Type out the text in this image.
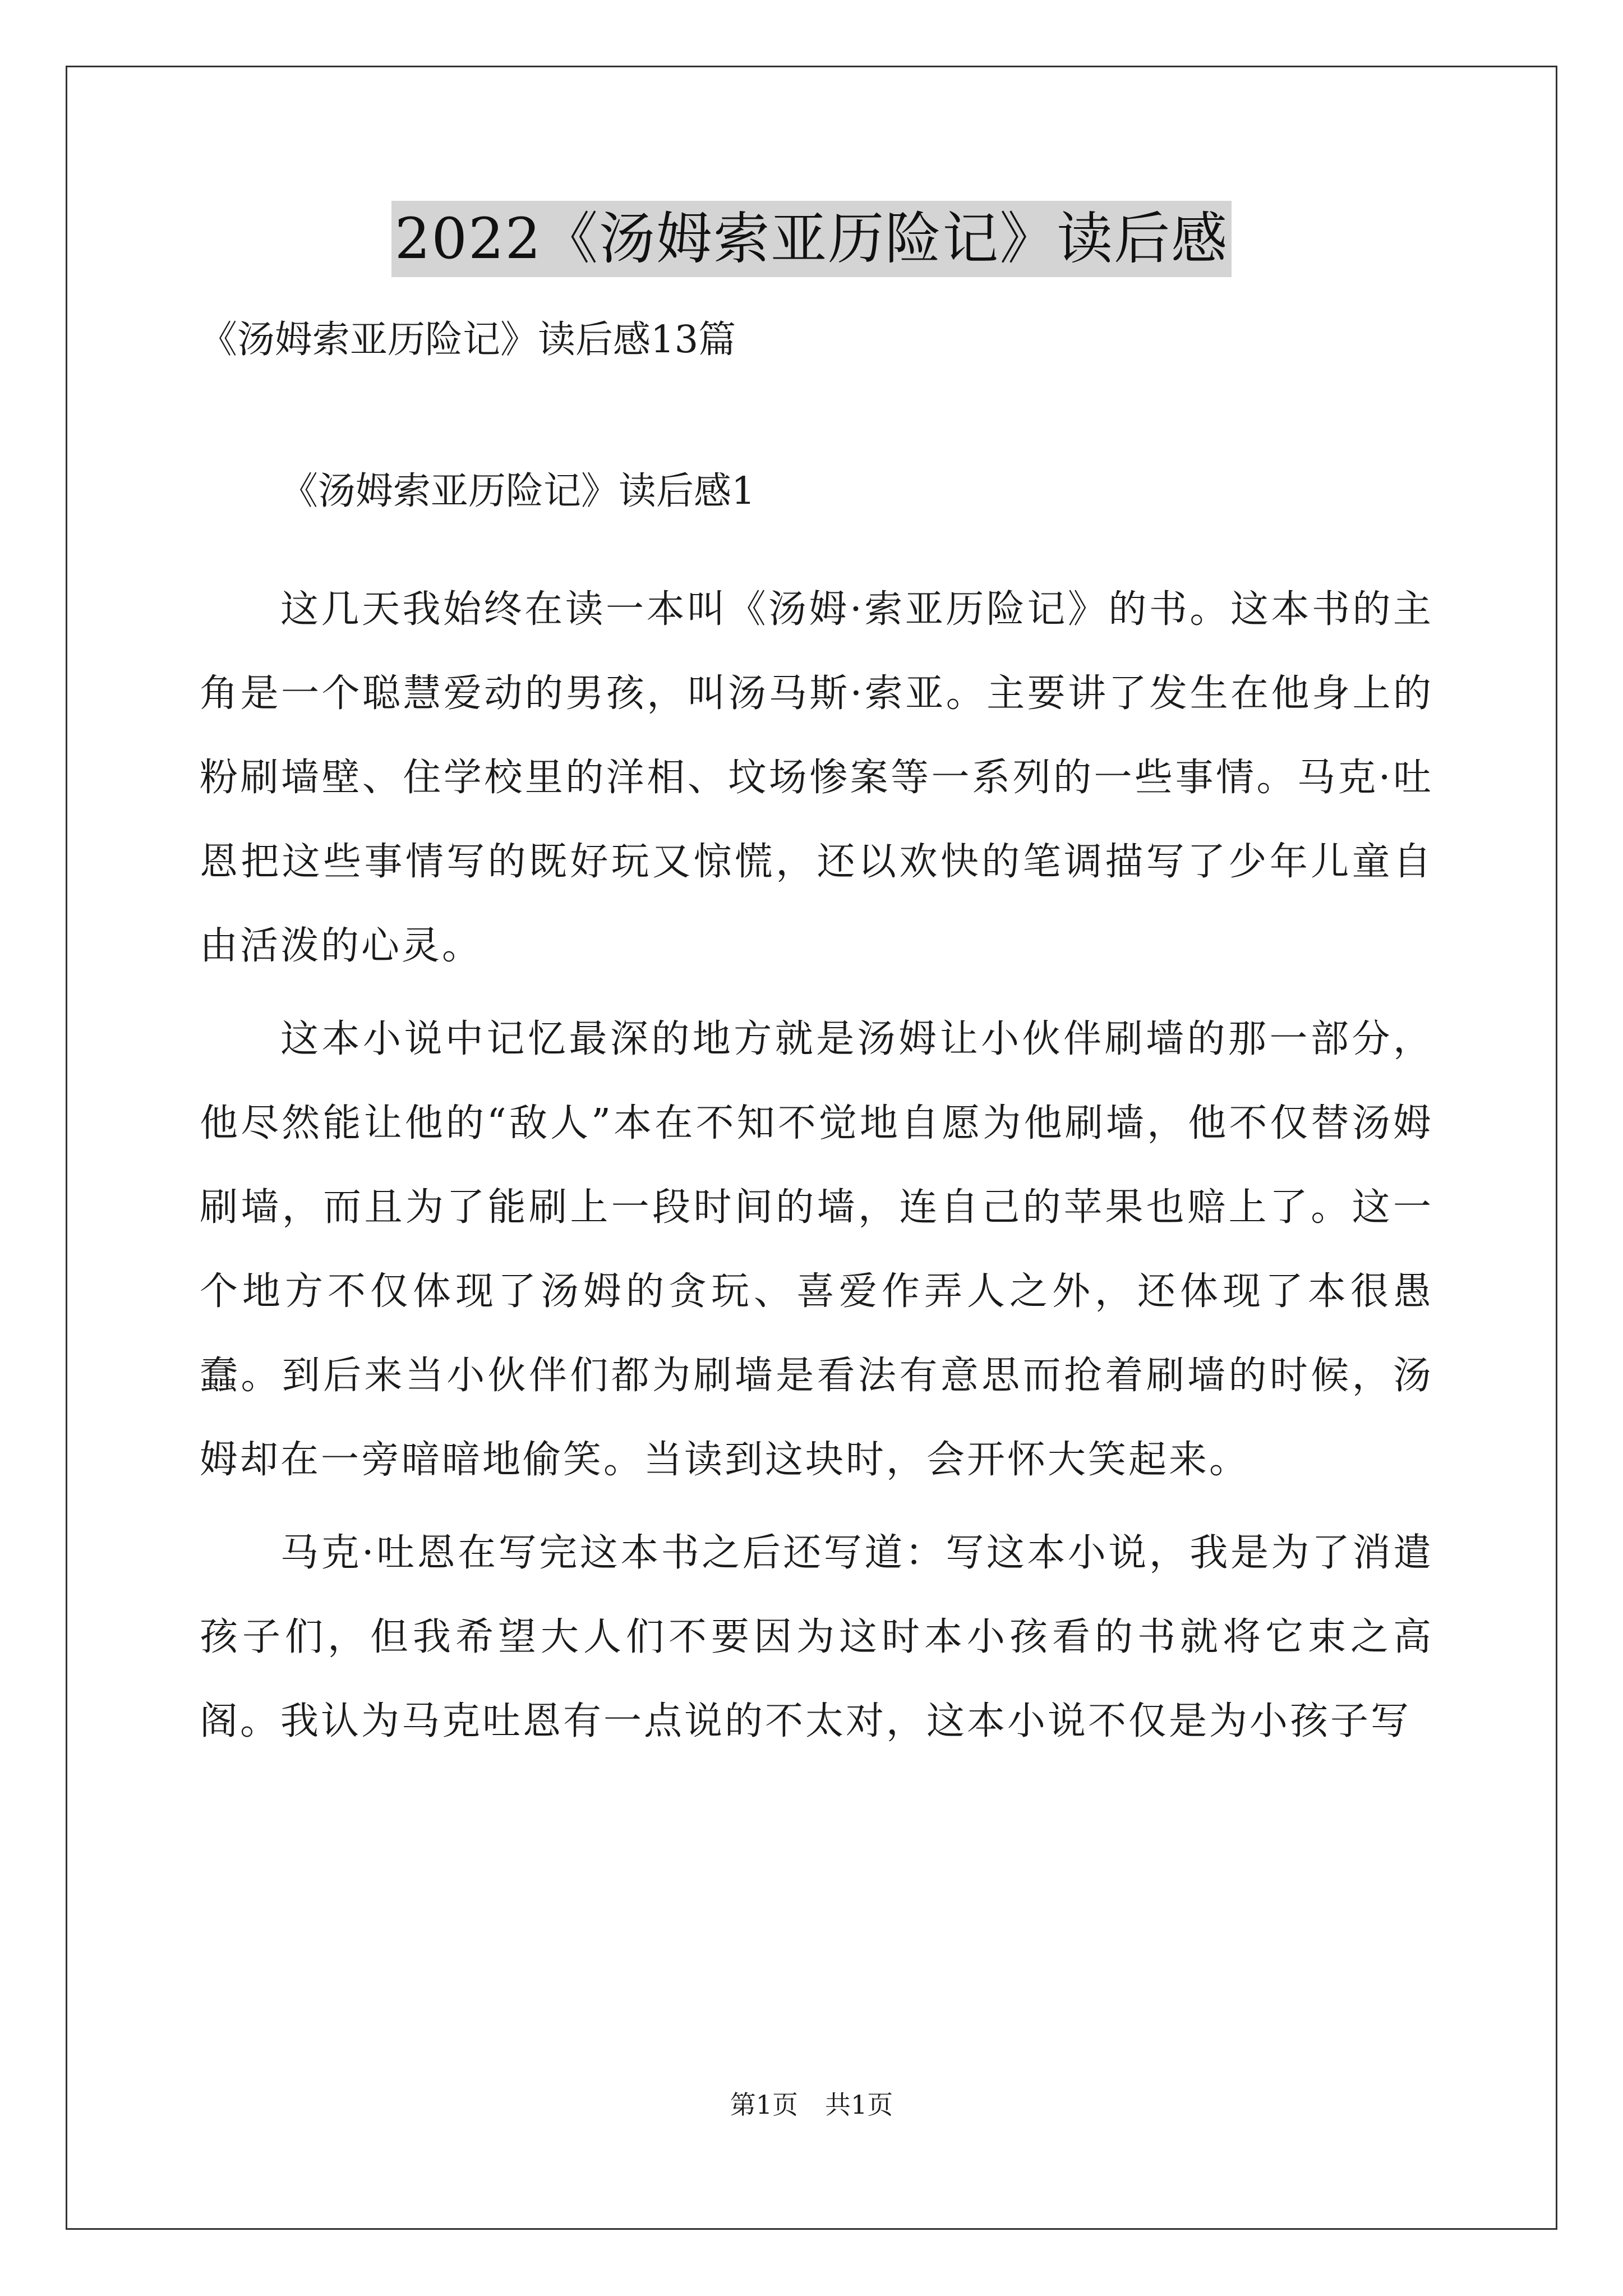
2022《汤姆索亚历险记》读后感
《汤姆索亚历险记》读后感13篇
《汤姆索亚历险记》读后感1

这几天我始终在读一本叫《汤姆·索亚历险记》的书。这本书的主角是一个聪慧爱动的男孩，叫汤马斯·索亚。主要讲了发生在他身上的粉刷墙壁、住学校里的洋相、坟场惨案等一系列的一些事情。马克·吐恩把这些事情写的既好玩又惊慌，还以欢快的笔调描写了少年儿童自由活泼的心灵。

这本小说中记忆最深的地方就是汤姆让小伙伴刷墙的那一部分，他尽然能让他的“敌人”本在不知不觉地自愿为他刷墙，他不仅替汤姆刷墙，而且为了能刷上一段时间的墙，连自己的苹果也赔上了。这一个地方不仅体现了汤姆的贪玩、喜爱作弄人之外，还体现了本很愚蠢。到后来当小伙伴们都为刷墙是看法有意思而抢着刷墙的时候，汤姆却在一旁暗暗地偷笑。当读到这块时，会开怀大笑起来。

马克·吐恩在写完这本书之后还写道：写这本小说，我是为了消遣孩子们，但我希望大人们不要因为这时本小孩看的书就将它束之高阁。我认为马克吐恩有一点说的不太对，这本小说不仅是为小孩子写

第1页 共1页
